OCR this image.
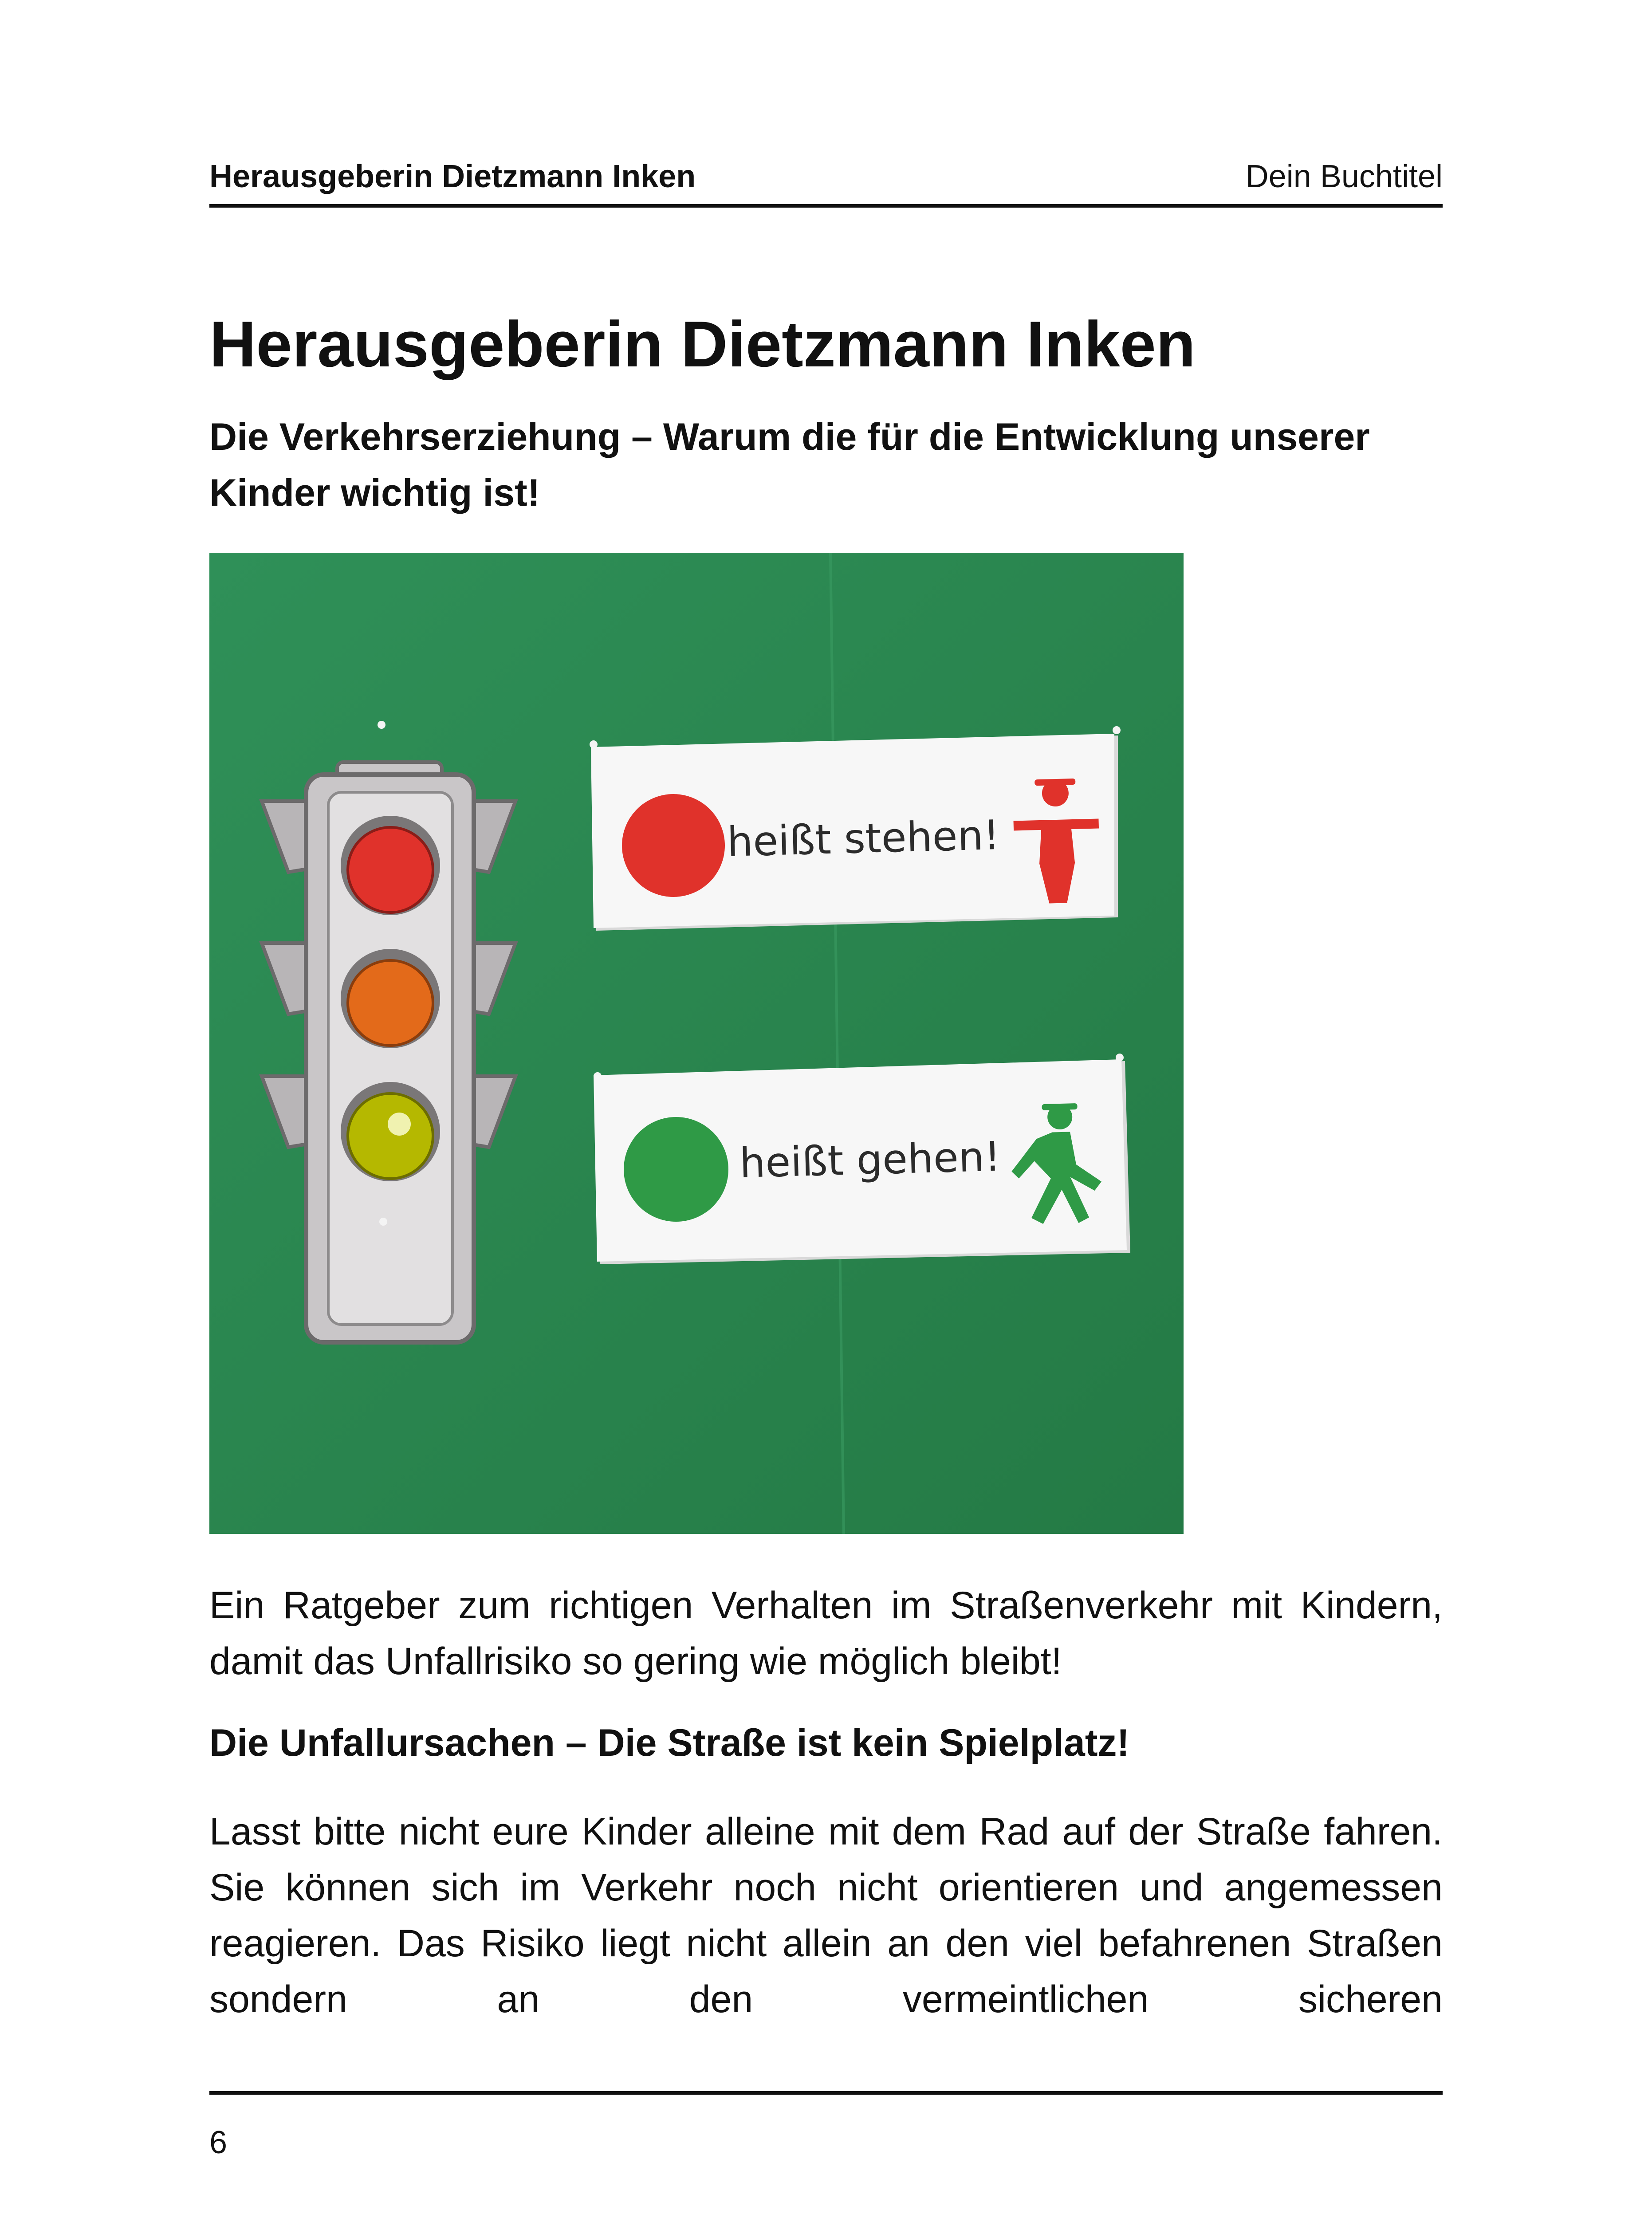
Herausgeberin Dietzmann Inken	Dein Buchtitel
Herausgeberin Dietzmann Inken

Die Verkehrserziehung – Warum die für die Entwicklung unserer Kinder wichtig ist!

heißt stehen!
heißt gehen!

Ein Ratgeber zum richtigen Verhalten im Straßenverkehr mit Kindern, damit das Unfallrisiko so gering wie möglich bleibt!

Die Unfallursachen – Die Straße ist kein Spielplatz!

Lasst bitte nicht eure Kinder alleine mit dem Rad auf der Straße fahren. Sie können sich im Verkehr noch nicht orientieren und angemessen reagieren. Das Risiko liegt nicht allein an den viel befahrenen Straßen sondern an den vermeintlichen sicheren

6
